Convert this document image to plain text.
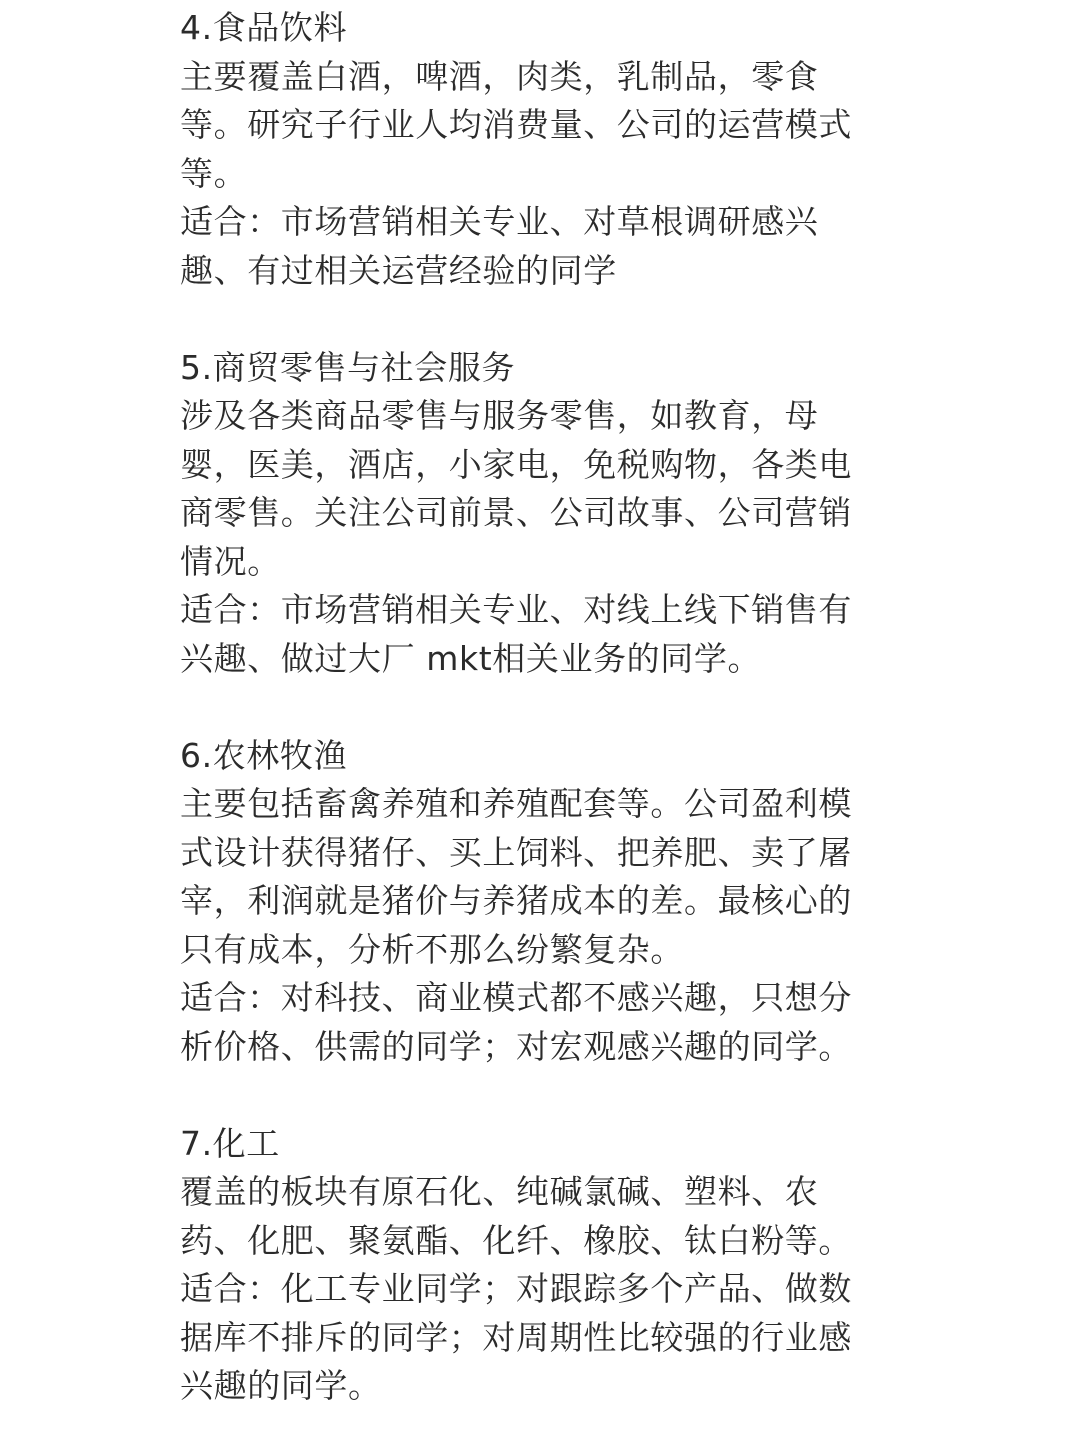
4.食品饮料

主要覆盖白酒，啤酒，肉类，乳制品，零食
等。研究子行业人均消费量、公司的运营模式
等。

适合：市场营销相关专业、对草根调研感兴
趣、有过相关运营经验的同学

5.商贸零售与社会服务

涉及各类商品零售与服务零售，如教育，母
婴，医美，酒店，小家电，免税购物，各类电
商零售。关注公司前景、公司故事、公司营销
情况。

适合：市场营销相关专业、对线上线下销售有
兴趣、做过大厂 mkt相关业务的同学。

6.农林牧渔

主要包括畜禽养殖和养殖配套等。公司盈利模
式设计获得猪仔、买上饲料、把养肥、卖了屠
宰，利润就是猪价与养猪成本的差。最核心的
只有成本，分析不那么纷繁复杂。

适合：对科技、商业模式都不感兴趣，只想分
析价格、供需的同学；对宏观感兴趣的同学。

7.化工

覆盖的板块有原石化、纯碱氯碱、塑料、农
药、化肥、聚氨酯、化纤、橡胶、钛白粉等。

适合：化工专业同学；对跟踪多个产品、做数
据库不排斥的同学；对周期性比较强的行业感
兴趣的同学。
